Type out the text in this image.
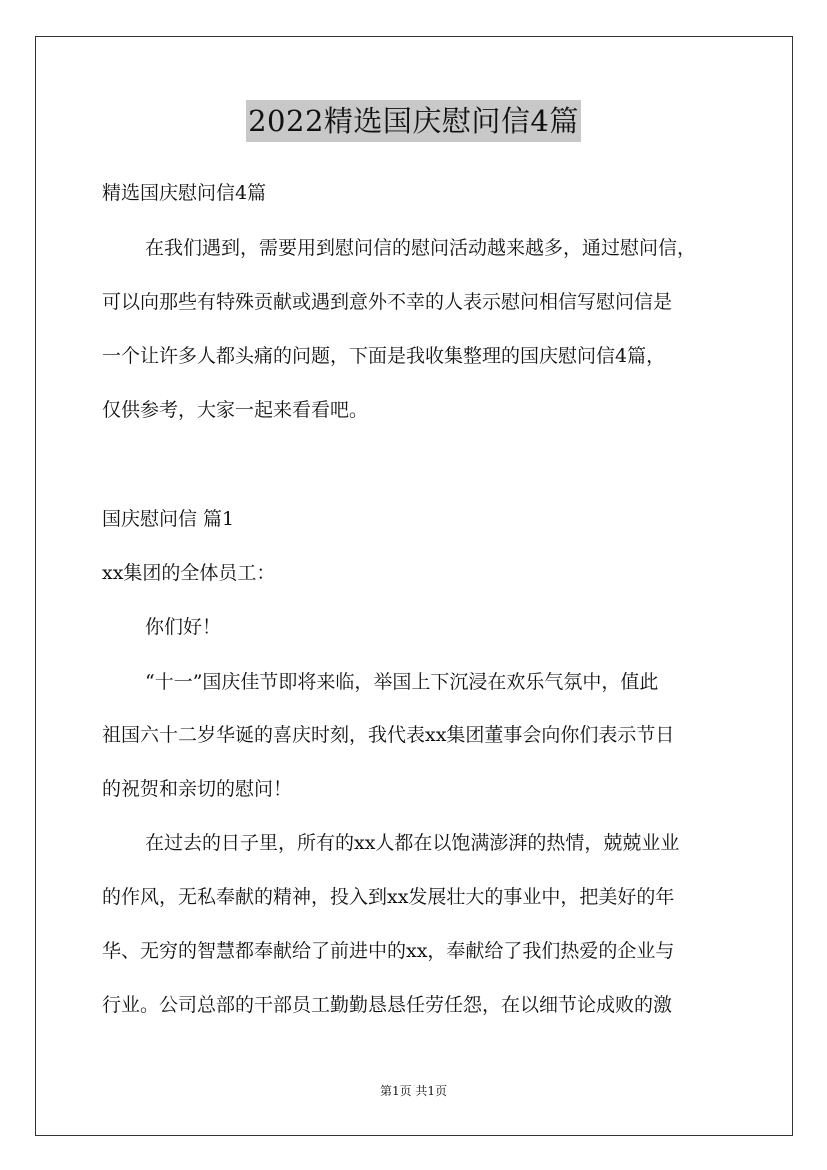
2022精选国庆慰问信4篇
精选国庆慰问信4篇
在我们遇到，需要用到慰问信的慰问活动越来越多，通过慰问信，
可以向那些有特殊贡献或遇到意外不幸的人表示慰问相信写慰问信是
一个让许多人都头痛的问题，下面是我收集整理的国庆慰问信4篇，
仅供参考，大家一起来看看吧。
国庆慰问信 篇1
xx集团的全体员工：
你们好！
“十一”国庆佳节即将来临，举国上下沉浸在欢乐气氛中，值此
祖国六十二岁华诞的喜庆时刻，我代表xx集团董事会向你们表示节日
的祝贺和亲切的慰问！
在过去的日子里，所有的xx人都在以饱满澎湃的热情，兢兢业业
的作风，无私奉献的精神，投入到xx发展壮大的事业中，把美好的年
华、无穷的智慧都奉献给了前进中的xx，奉献给了我们热爱的企业与
行业。公司总部的干部员工勤勤恳恳任劳任怨，在以细节论成败的激
第1页 共1页
